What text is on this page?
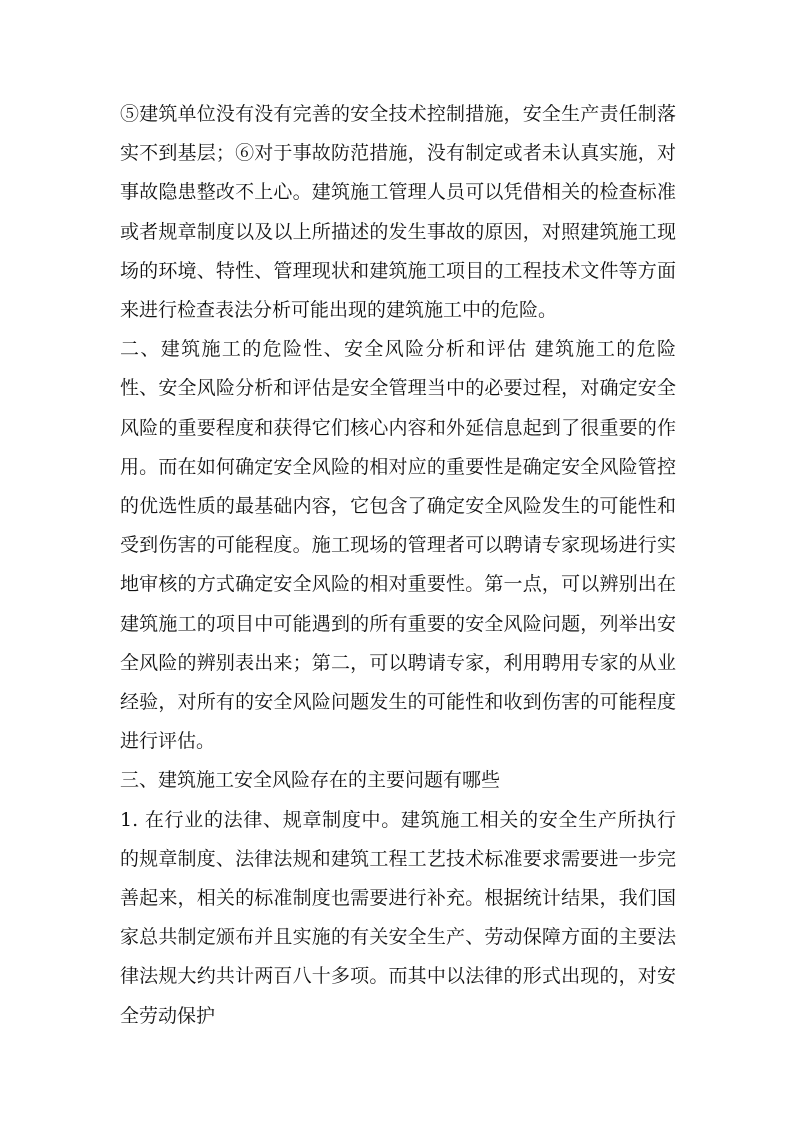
⑤建筑单位没有没有完善的安全技术控制措施，安全生产责任制落实不到基层；⑥对于事故防范措施，没有制定或者未认真实施，对事故隐患整改不上心。建筑施工管理人员可以凭借相关的检查标准或者规章制度以及以上所描述的发生事故的原因，对照建筑施工现场的环境、特性、管理现状和建筑施工项目的工程技术文件等方面来进行检查表法分析可能出现的建筑施工中的危险。

二、建筑施工的危险性、安全风险分析和评估 建筑施工的危险性、安全风险分析和评估是安全管理当中的必要过程，对确定安全风险的重要程度和获得它们核心内容和外延信息起到了很重要的作用。而在如何确定安全风险的相对应的重要性是确定安全风险管控的优选性质的最基础内容，它包含了确定安全风险发生的可能性和受到伤害的可能程度。施工现场的管理者可以聘请专家现场进行实地审核的方式确定安全风险的相对重要性。第一点，可以辨别出在建筑施工的项目中可能遇到的所有重要的安全风险问题，列举出安全风险的辨别表出来；第二，可以聘请专家，利用聘用专家的从业经验，对所有的安全风险问题发生的可能性和收到伤害的可能程度进行评估。

三、建筑施工安全风险存在的主要问题有哪些

1. 在行业的法律、规章制度中。建筑施工相关的安全生产所执行的规章制度、法律法规和建筑工程工艺技术标准要求需要进一步完善起来，相关的标准制度也需要进行补充。根据统计结果，我们国家总共制定颁布并且实施的有关安全生产、劳动保障方面的主要法律法规大约共计两百八十多项。而其中以法律的形式出现的，对安全劳动保护
